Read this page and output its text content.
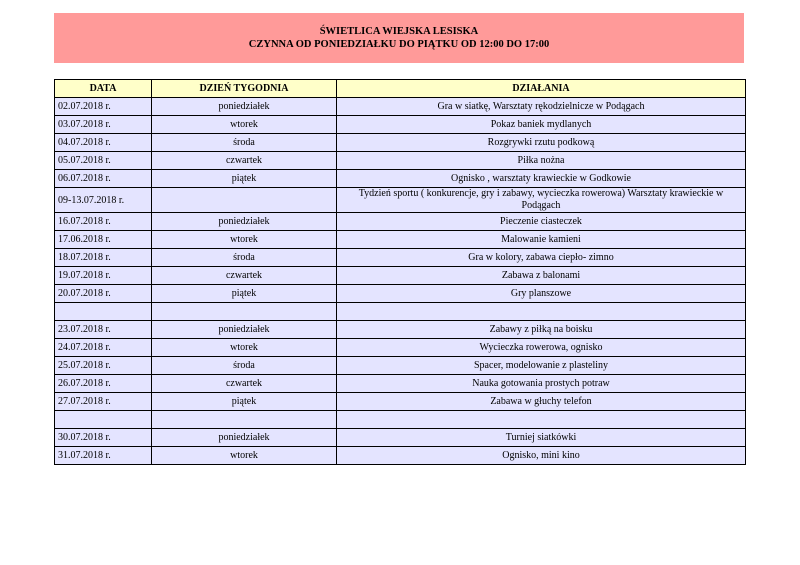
ŚWIETLICA WIEJSKA LESISKA
CZYNNA OD PONIEDZIAŁKU DO PIĄTKU OD 12:00 DO 17:00
DATA	DZIEŃ TYGODNIA	DZIAŁANIA
02.07.2018 r.	poniedziałek	Gra w siatkę, Warsztaty rękodzielnicze w Podągach
03.07.2018 r.	wtorek	Pokaz baniek mydlanych
04.07.2018 r.	środa	Rozgrywki rzutu podkową
05.07.2018 r.	czwartek	Piłka nożna
06.07.2018 r.	piątek	Ognisko , warsztaty krawieckie w Godkowie
09-13.07.2018 r.		Tydzień sportu ( konkurencje, gry i zabawy, wycieczka rowerowa) Warsztaty krawieckie w Podągach
16.07.2018 r.	poniedziałek	Pieczenie ciasteczek
17.06.2018 r.	wtorek	Malowanie kamieni
18.07.2018 r.	środa	Gra w kolory, zabawa ciepło- zimno
19.07.2018 r.	czwartek	Zabawa z balonami
20.07.2018 r.	piątek	Gry planszowe

23.07.2018 r.	poniedziałek	Zabawy z piłką na boisku
24.07.2018 r.	wtorek	Wycieczka rowerowa, ognisko
25.07.2018 r.	środa	Spacer, modelowanie z plasteliny
26.07.2018 r.	czwartek	Nauka gotowania prostych potraw
27.07.2018 r.	piątek	Zabawa w głuchy telefon

30.07.2018 r.	poniedziałek	Turniej siatkówki
31.07.2018 r.	wtorek	Ognisko, mini kino
